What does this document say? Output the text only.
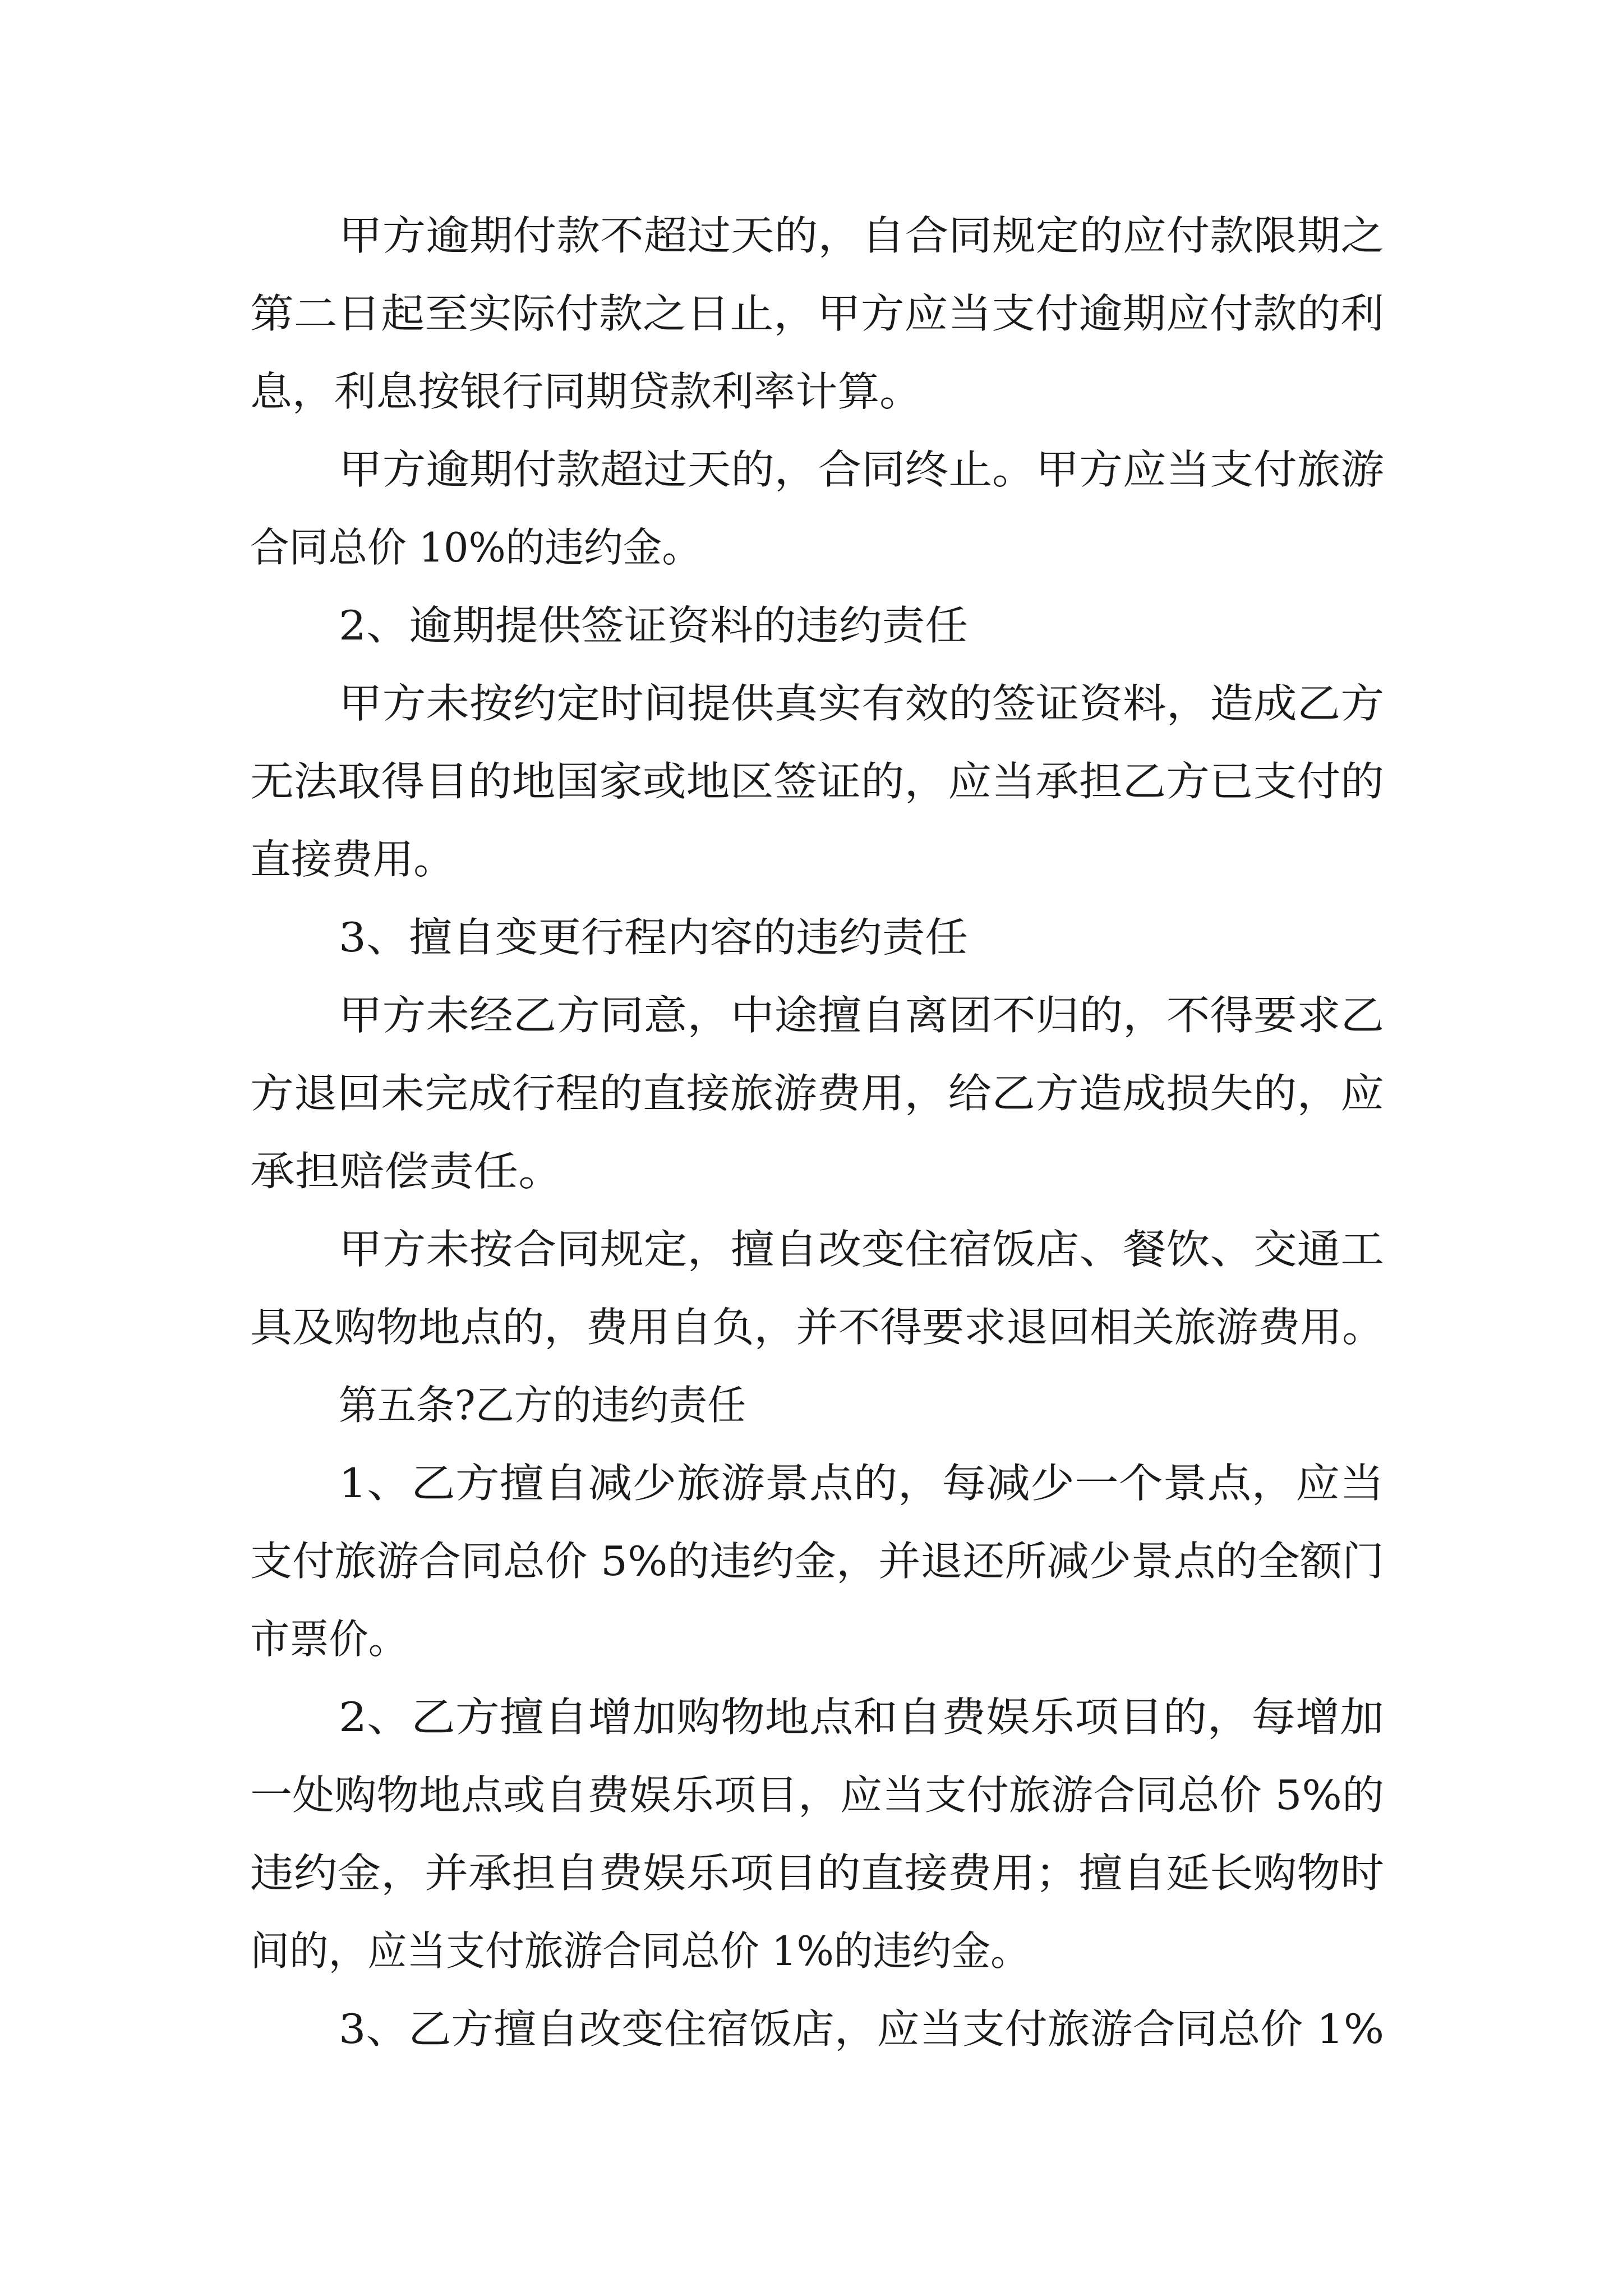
甲方逾期付款不超过天的，自合同规定的应付款限期之
第二日起至实际付款之日止，甲方应当支付逾期应付款的利
息，利息按银行同期贷款利率计算。
甲方逾期付款超过天的，合同终止。甲方应当支付旅游
合同总价 10%的违约金。
2、逾期提供签证资料的违约责任
甲方未按约定时间提供真实有效的签证资料，造成乙方
无法取得目的地国家或地区签证的，应当承担乙方已支付的
直接费用。
3、擅自变更行程内容的违约责任
甲方未经乙方同意，中途擅自离团不归的，不得要求乙
方退回未完成行程的直接旅游费用，给乙方造成损失的，应
承担赔偿责任。
甲方未按合同规定，擅自改变住宿饭店、餐饮、交通工
具及购物地点的，费用自负，并不得要求退回相关旅游费用。
第五条?乙方的违约责任
1、乙方擅自减少旅游景点的，每减少一个景点，应当
支付旅游合同总价 5%的违约金，并退还所减少景点的全额门
市票价。
2、乙方擅自增加购物地点和自费娱乐项目的，每增加
一处购物地点或自费娱乐项目，应当支付旅游合同总价 5%的
违约金，并承担自费娱乐项目的直接费用；擅自延长购物时
间的，应当支付旅游合同总价 1%的违约金。
3、乙方擅自改变住宿饭店，应当支付旅游合同总价 1%
